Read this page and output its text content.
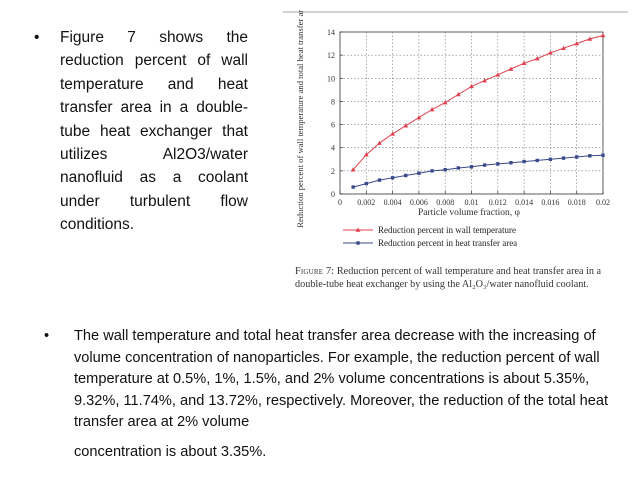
• Figure 7 shows the reduction percent of wall temperature and heat transfer area in a double-tube heat exchanger that utilizes Al2O3/water nanofluid as a coolant under turbulent flow conditions.	Reduction percent of wall temperature and total heat transfer area	0 0.002 0.004 0.006 0.008 0.01 0.012 0.014 0.016 0.018 0.02
0
2
4
6
8
10
12
14
Particle volume fraction, φ
Reduction percent in wall temperature
Reduction percent in heat transfer area
Figure 7: Reduction percent of wall temperature and heat transfer area in a double-tube heat exchanger by using the Al₂O₃/water nanofluid coolant.
• The wall temperature and total heat transfer area decrease with the increasing of volume concentration of nanoparticles. For example, the reduction percent of wall temperature at 0.5%, 1%, 1.5%, and 2% volume concentrations is about 5.35%, 9.32%, 11.74%, and 13.72%, respectively. Moreover, the reduction of the total heat transfer area at 2% volume
concentration is about 3.35%.
